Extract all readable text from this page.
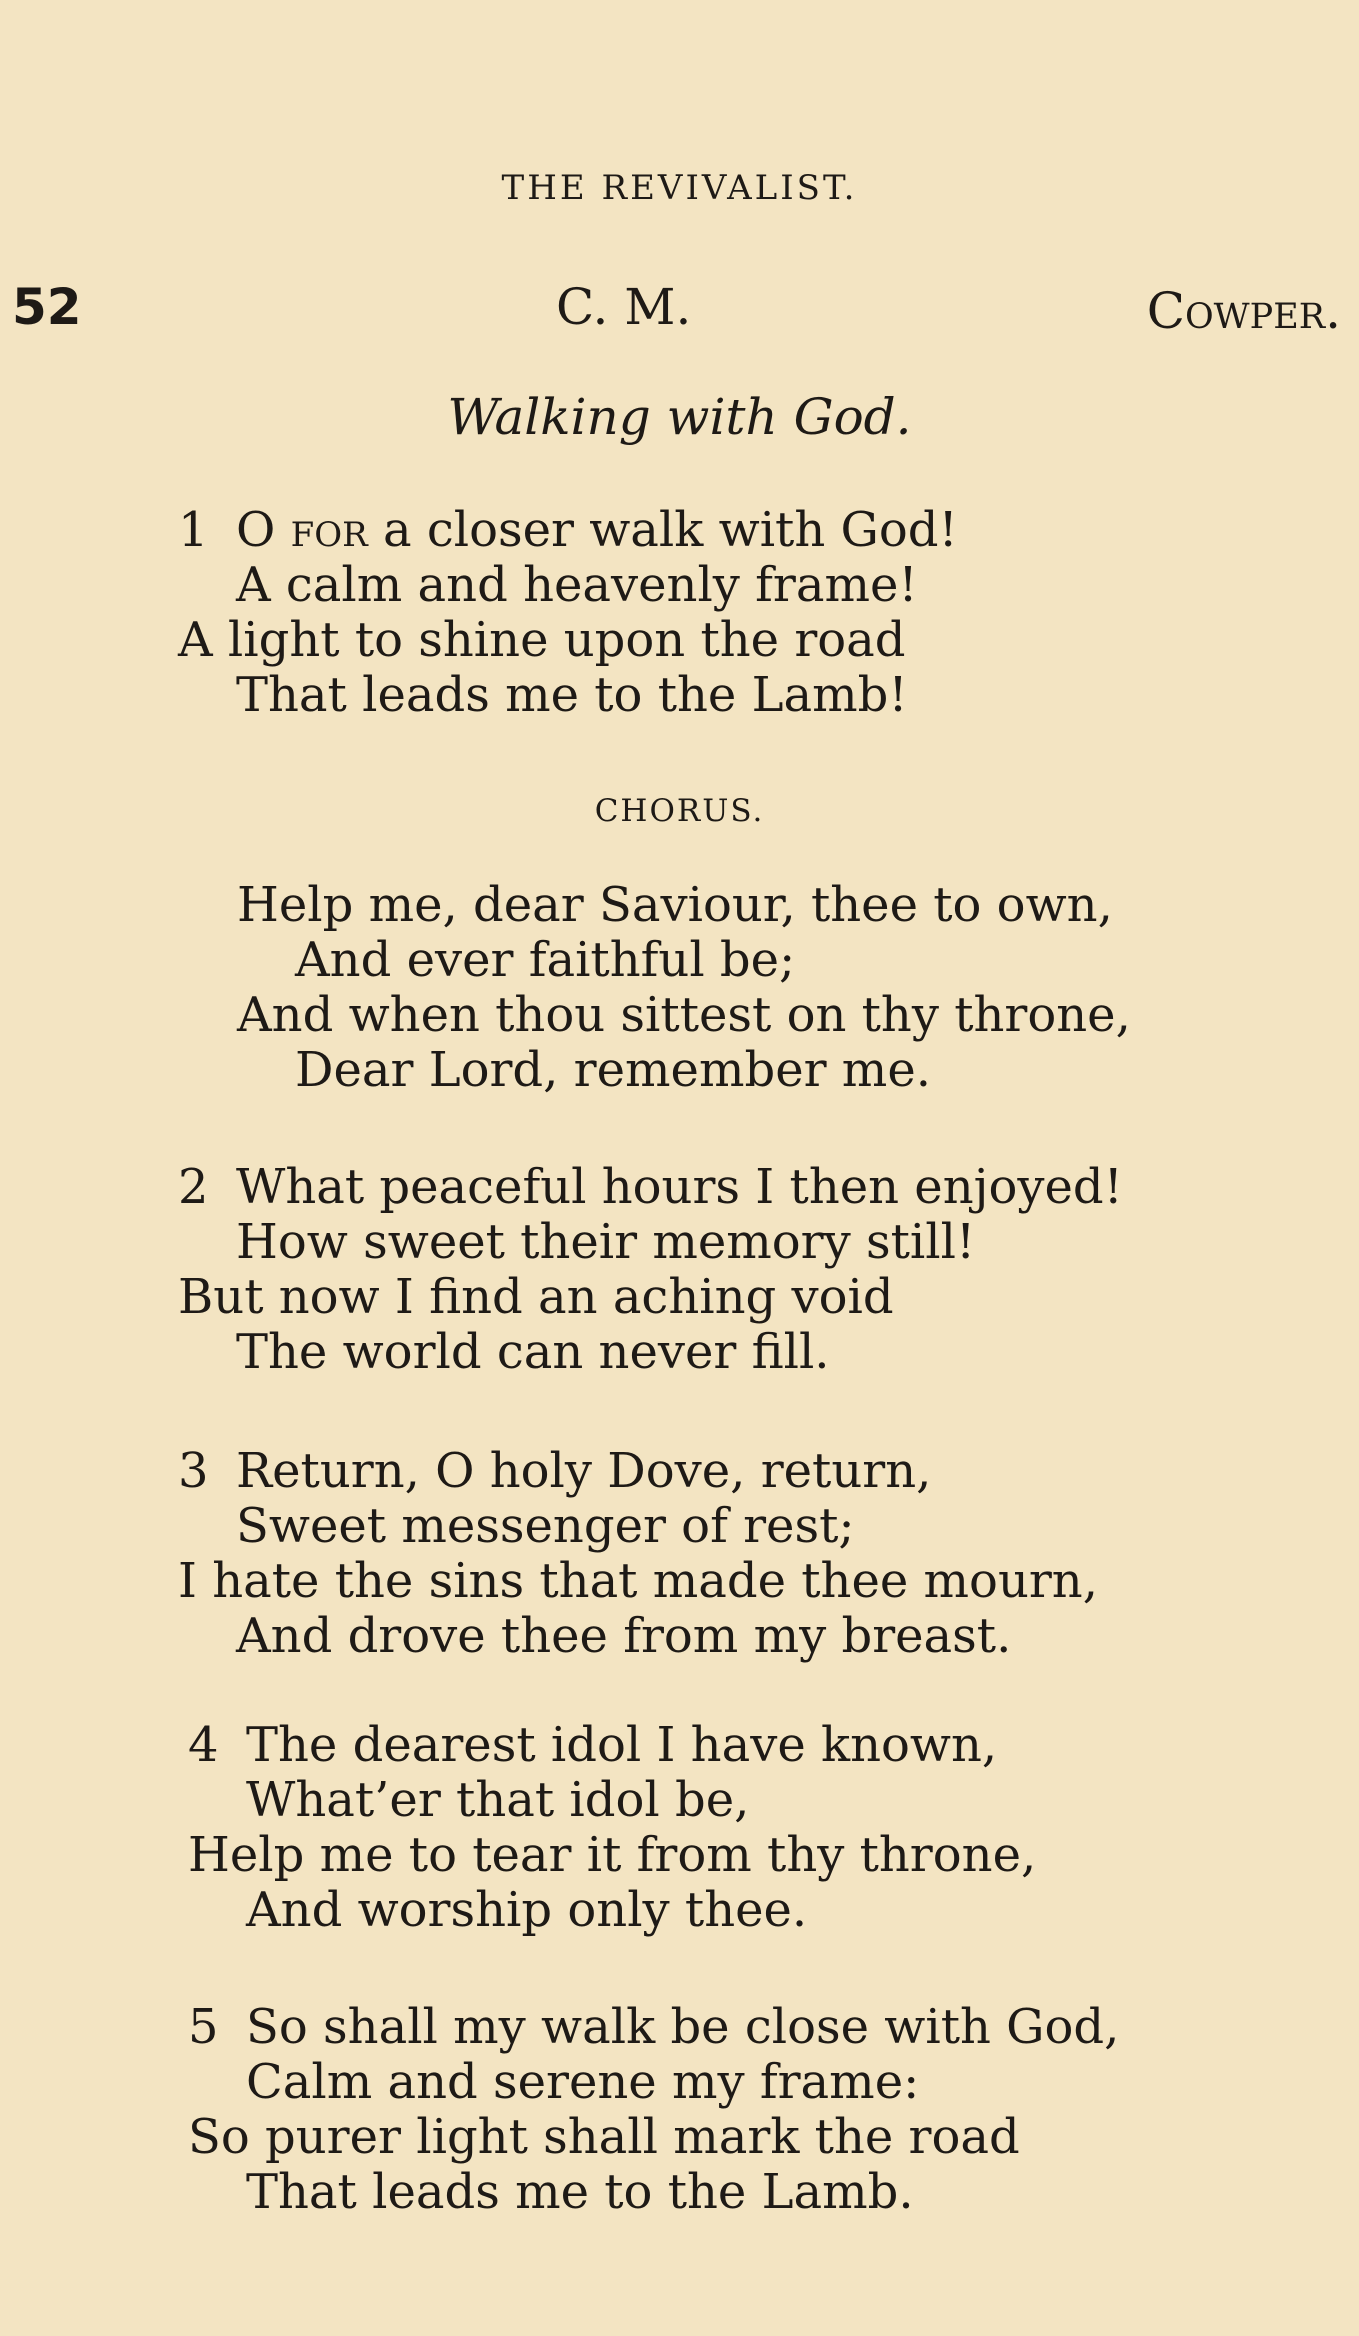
THE REVIVALIST.
52	C. M.	Cowper.
Walking with God.
1 O for a closer walk with God!
A calm and heavenly frame!
A light to shine upon the road
That leads me to the Lamb!
CHORUS.
Help me, dear Saviour, thee to own,
And ever faithful be;
And when thou sittest on thy throne,
Dear Lord, remember me.
2 What peaceful hours I then enjoyed!
How sweet their memory still!
But now I find an aching void
The world can never fill.
3 Return, O holy Dove, return,
Sweet messenger of rest;
I hate the sins that made thee mourn,
And drove thee from my breast.
4 The dearest idol I have known,
What’er that idol be,
Help me to tear it from thy throne,
And worship only thee.
5 So shall my walk be close with God,
Calm and serene my frame:
So purer light shall mark the road
That leads me to the Lamb.
